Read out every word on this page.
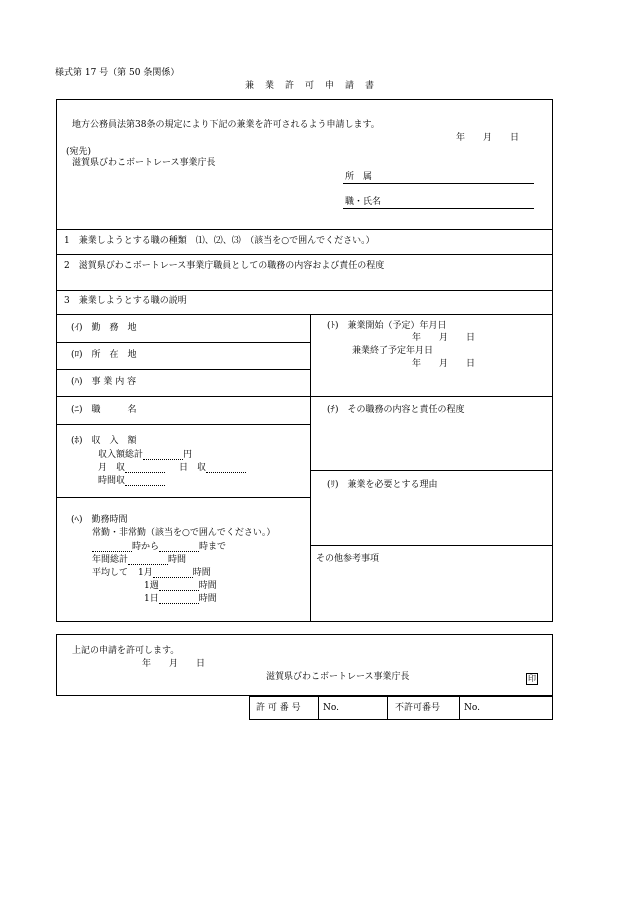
様式第 17 号（第 50 条関係）
兼　業　許　可　申　請　書
地方公務員法第38条の規定により下記の兼業を許可されるよう申請します。
年　　月　　日
(宛先)
滋賀県びわこボートレース事業庁長
所　属
職・氏名
1　兼業しようとする職の種類　⑴、⑵、⑶　（該当を○で囲んでください。）
2　滋賀県びわこボートレース事業庁職員としての職務の内容および責任の程度
3　兼業しようとする職の説明
(ｲ)　勤　務　地
(ﾛ)　所　在　地
(ﾊ)　事 業 内 容
(ﾆ)　職　　　名
(ﾎ)　収　入　額
収入額総計	円
月　収	日　収
時間収
(ﾍ)　勤務時間
常勤・非常勤（該当を○で囲んでください。）
時から	時まで
年間総計	時間
平均して 1月	時間
1週	時間
1日	時間
(ﾄ)　兼業開始（予定）年月日
年　　月　　日
兼業終了予定年月日
年　　月　　日
(ﾁ)　その職務の内容と責任の程度
(ﾘ)　兼業を必要とする理由
その他参考事項
上記の申請を許可します。
年　　月　　日
滋賀県びわこボートレース事業庁長	印
許 可 番 号 No.	不許可番号	No.
